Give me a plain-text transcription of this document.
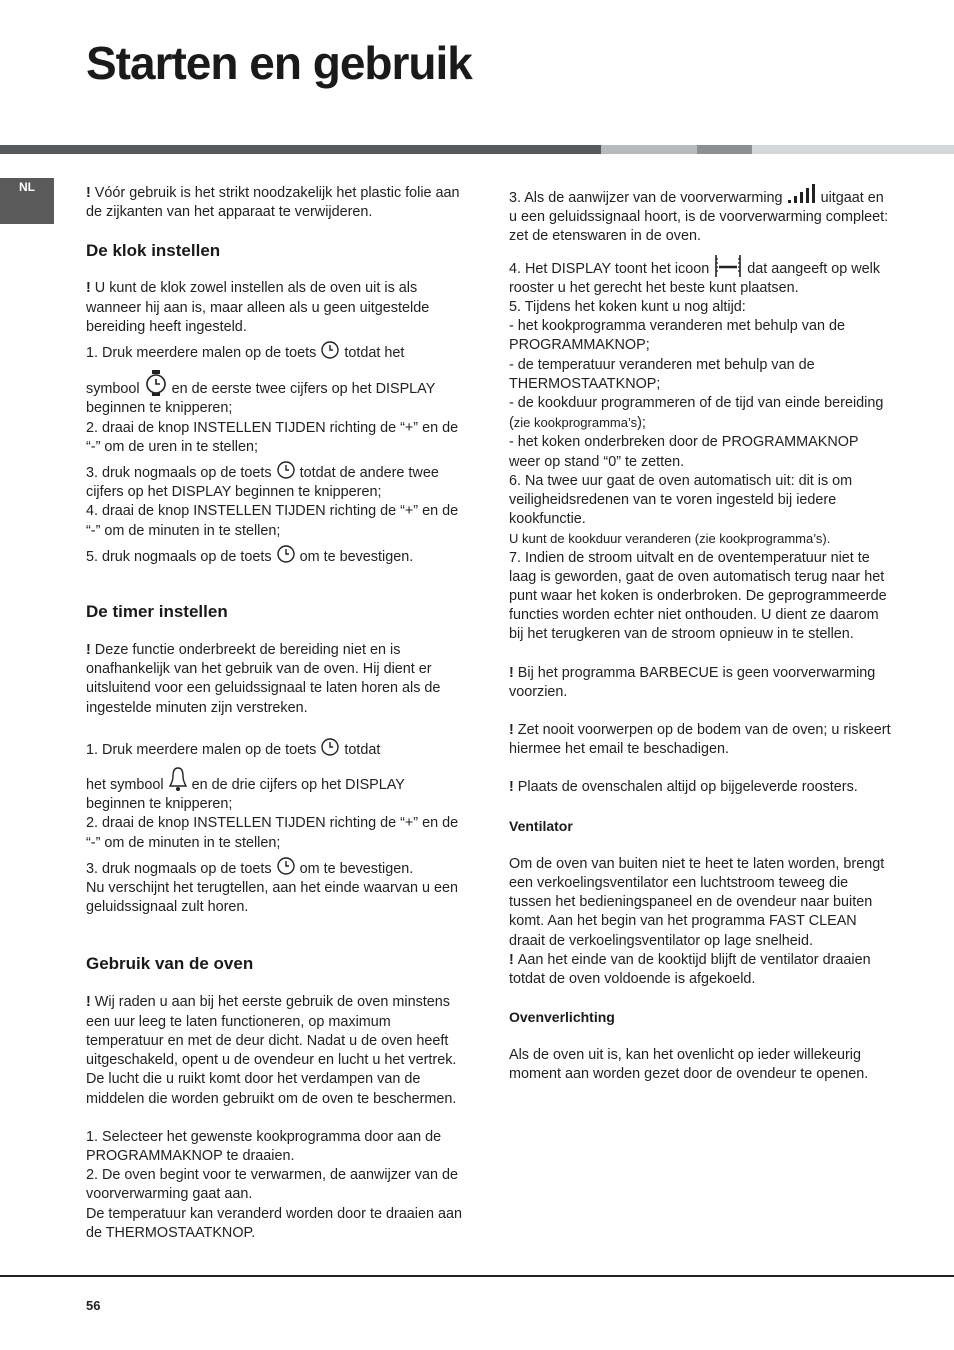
Starten en gebruik
NL	! Vóór gebruik is het strikt noodzakelijk het plastic folie aan de zijkanten van het apparaat te verwijderen.

De klok instellen

! U kunt de klok zowel instellen als de oven uit is als wanneer hij aan is, maar alleen als u geen uitgestelde bereiding heeft ingesteld.

1. Druk meerdere malen op de toets totdat het

symbool en de eerste twee cijfers op het DISPLAY beginnen te knipperen;

2. draai de knop INSTELLEN TIJDEN richting de “+” en de “-” om de uren in te stellen;

3. druk nogmaals op de toets totdat de andere twee cijfers op het DISPLAY beginnen te knipperen;

4. draai de knop INSTELLEN TIJDEN richting de “+” en de “-” om de minuten in te stellen;

5. druk nogmaals op de toets om te bevestigen.

De timer instellen

! Deze functie onderbreekt de bereiding niet en is onafhankelijk van het gebruik van de oven. Hij dient er uitsluitend voor een geluidssignaal te laten horen als de ingestelde minuten zijn verstreken.

1. Druk meerdere malen op de toets totdat

het symbool en de drie cijfers op het DISPLAY beginnen te knipperen;

2. draai de knop INSTELLEN TIJDEN richting de “+” en de “-” om de minuten in te stellen;

3. druk nogmaals op de toets om te bevestigen.

Nu verschijnt het terugtellen, aan het einde waarvan u een geluidssignaal zult horen.

Gebruik van de oven

! Wij raden u aan bij het eerste gebruik de oven minstens een uur leeg te laten functioneren, op maximum temperatuur en met de deur dicht. Nadat u de oven heeft uitgeschakeld, opent u de ovendeur en lucht u het vertrek. De lucht die u ruikt komt door het verdampen van de middelen die worden gebruikt om de oven te beschermen.

1. Selecteer het gewenste kookprogramma door aan de PROGRAMMAKNOP te draaien.

2. De oven begint voor te verwarmen, de aanwijzer van de voorverwarming gaat aan.

De temperatuur kan veranderd worden door te draaien aan de THERMOSTAATKNOP.

3. Als de aanwijzer van de voorverwarming	uitgaat en u een geluidssignaal hoort, is de voorverwarming compleet: zet de etenswaren in de oven.

4. Het DISPLAY toont het icoon	dat aangeeft op welk rooster u het gerecht het beste kunt plaatsen.

5. Tijdens het koken kunt u nog altijd:

- het kookprogramma veranderen met behulp van de PROGRAMMAKNOP;

- de temperatuur veranderen met behulp van de THERMOSTAATKNOP;

- de kookduur programmeren of de tijd van einde bereiding (zie kookprogramma’s);

- het koken onderbreken door de PROGRAMMAKNOP weer op stand “0” te zetten.

6. Na twee uur gaat de oven automatisch uit: dit is om veiligheidsredenen van te voren ingesteld bij iedere kookfunctie.

U kunt de kookduur veranderen (zie kookprogramma’s).

7. Indien de stroom uitvalt en de oventemperatuur niet te laag is geworden, gaat de oven automatisch terug naar het punt waar het koken is onderbroken. De geprogrammeerde functies worden echter niet onthouden. U dient ze daarom bij het terugkeren van de stroom opnieuw in te stellen.

! Bij het programma BARBECUE is geen voorverwarming voorzien.

! Zet nooit voorwerpen op de bodem van de oven; u riskeert hiermee het email te beschadigen.

! Plaats de ovenschalen altijd op bijgeleverde roosters.

Ventilator

Om de oven van buiten niet te heet te laten worden, brengt een verkoelingsventilator een luchtstroom teweeg die tussen het bedieningspaneel en de ovendeur naar buiten komt. Aan het begin van het programma FAST CLEAN draait de verkoelingsventilator op lage snelheid.

! Aan het einde van de kooktijd blijft de ventilator draaien totdat de oven voldoende is afgekoeld.

Ovenverlichting

Als de oven uit is, kan het ovenlicht op ieder willekeurig moment aan worden gezet door de ovendeur te openen.

56
